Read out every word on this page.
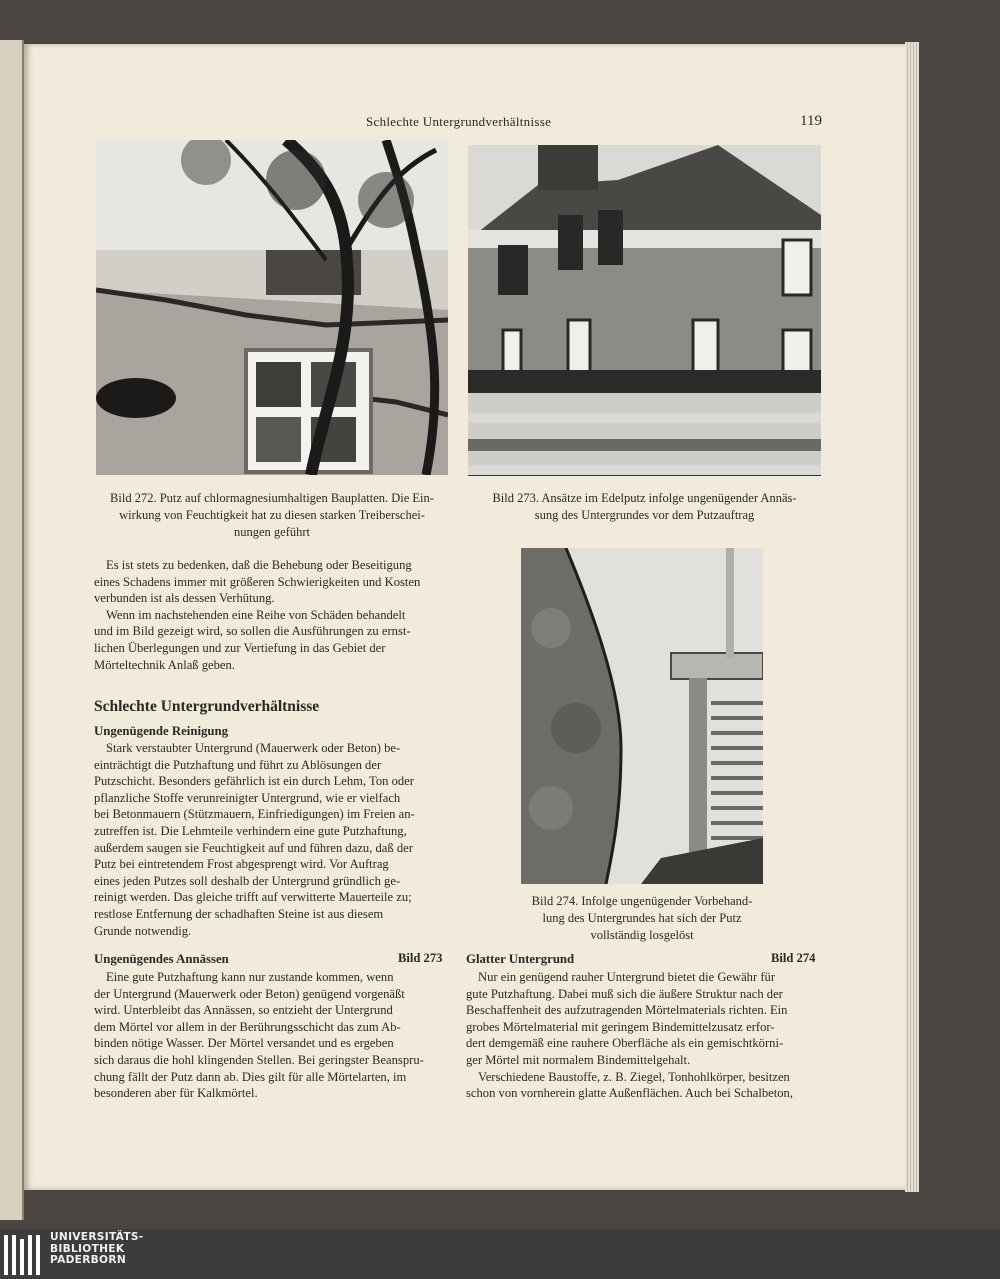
Schlechte Untergrundverhältnisse	119
Bild 272. Putz auf chlormagnesiumhaltigen Bauplatten. Die Ein-
wirkung von Feuchtigkeit hat zu diesen starken Treiberschei-
nungen geführt
Bild 273. Ansätze im Edelputz infolge ungenügender Annäs-
sung des Untergrundes vor dem Putzauftrag
Bild 274. Infolge ungenügender Vorbehand-
lung des Untergrundes hat sich der Putz
vollständig losgelöst
Es ist stets zu bedenken, daß die Behebung oder Beseitigung
eines Schadens immer mit größeren Schwierigkeiten und Kosten
verbunden ist als dessen Verhütung.
Wenn im nachstehenden eine Reihe von Schäden behandelt
und im Bild gezeigt wird, so sollen die Ausführungen zu ernst-
lichen Überlegungen und zur Vertiefung in das Gebiet der
Mörteltechnik Anlaß geben.
Schlechte Untergrundverhältnisse
Ungenügende Reinigung
Stark verstaubter Untergrund (Mauerwerk oder Beton) be-
einträchtigt die Putzhaftung und führt zu Ablösungen der
Putzschicht. Besonders gefährlich ist ein durch Lehm, Ton oder
pflanzliche Stoffe verunreinigter Untergrund, wie er vielfach
bei Betonmauern (Stützmauern, Einfriedigungen) im Freien an-
zutreffen ist. Die Lehmteile verhindern eine gute Putzhaftung,
außerdem saugen sie Feuchtigkeit auf und führen dazu, daß der
Putz bei eintretendem Frost abgesprengt wird. Vor Auftrag
eines jeden Putzes soll deshalb der Untergrund gründlich ge-
reinigt werden. Das gleiche trifft auf verwitterte Mauerteile zu;
restlose Entfernung der schadhaften Steine ist aus diesem
Grunde notwendig.
Ungenügendes Annässen	Bild 273
Eine gute Putzhaftung kann nur zustande kommen, wenn
der Untergrund (Mauerwerk oder Beton) genügend vorgenäßt
wird. Unterbleibt das Annässen, so entzieht der Untergrund
dem Mörtel vor allem in der Berührungsschicht das zum Ab-
binden nötige Wasser. Der Mörtel versandet und es ergeben
sich daraus die hohl klingenden Stellen. Bei geringster Beanspru-
chung fällt der Putz dann ab. Dies gilt für alle Mörtelarten, im
besonderen aber für Kalkmörtel.
Glatter Untergrund	Bild 274
Nur ein genügend rauher Untergrund bietet die Gewähr für
gute Putzhaftung. Dabei muß sich die äußere Struktur nach der
Beschaffenheit des aufzutragenden Mörtelmaterials richten. Ein
grobes Mörtelmaterial mit geringem Bindemittelzusatz erfor-
dert demgemäß eine rauhere Oberfläche als ein gemischtkörni-
ger Mörtel mit normalem Bindemittelgehalt.
Verschiedene Baustoffe, z. B. Ziegel, Tonhohlkörper, besitzen
schon von vornherein glatte Außenflächen. Auch bei Schalbeton,
UNIVERSITÄTS-
BIBLIOTHEK
PADERBORN
